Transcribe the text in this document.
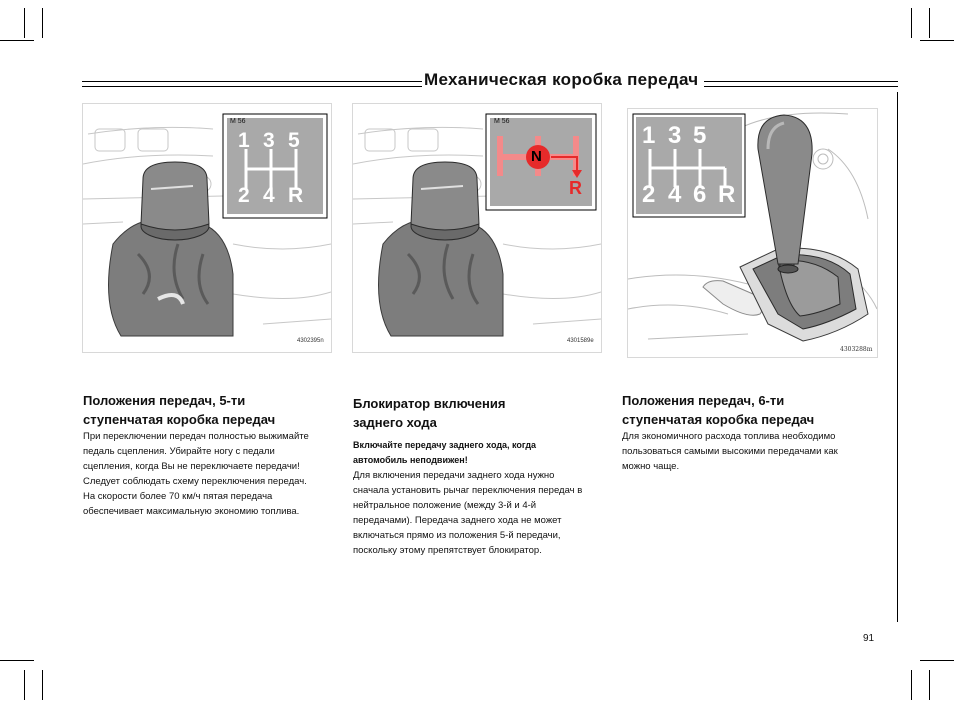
Механическая коробка передач
M 56
1 3 5
2 4 R
4302395n
M 56
N
R
4301589e
1 3 5
2 4 6 R
4303288m
Положения передач, 5-ти
ступенчатая коробка передач
При переключении передач полностью выжимайте
педаль сцепления. Убирайте ногу с педали
сцепления, когда Вы не переключаете передачи!
Следует соблюдать схему переключения передач.
На скорости более 70 км/ч пятая передача
обеспечивает максимальную экономию топлива.
Блокиратор включения
заднего хода
Включайте передачу заднего хода, когда
автомобиль неподвижен!
Для включения передачи заднего хода нужно
сначала установить рычаг переключения передач в
нейтральное положение (между 3-й и 4-й
передачами). Передача заднего хода не может
включаться прямо из положения 5-й передачи,
поскольку этому препятствует блокиратор.
Положения передач, 6-ти
ступенчатая коробка передач
Для экономичного расхода топлива необходимо
пользоваться самыми высокими передачами как
можно чаще.
91
